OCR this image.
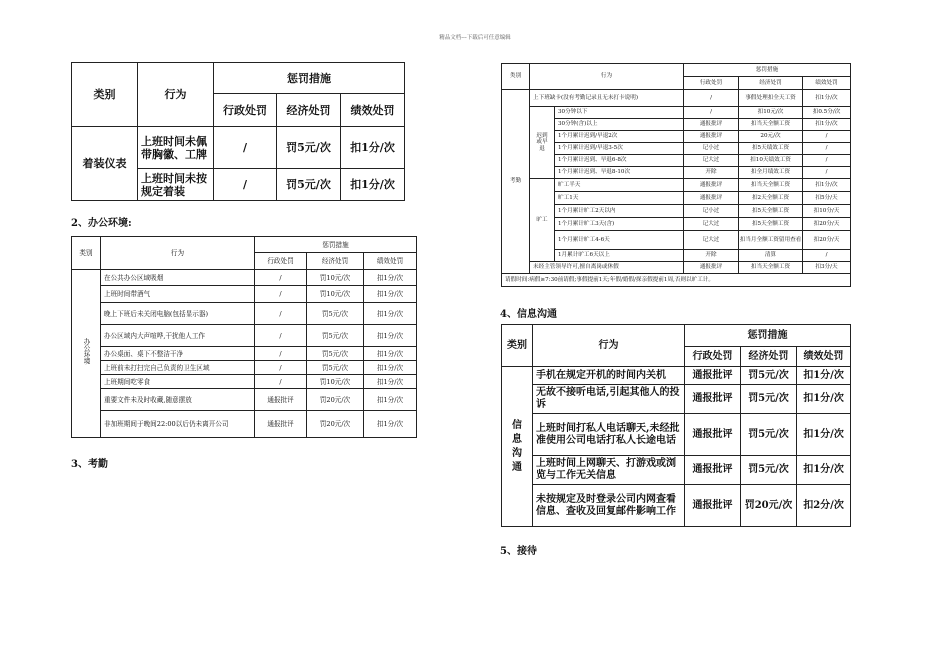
精品文档---下载后可任意编辑
类别	行为	惩罚措施		
		行政处罚	经济处罚	绩效处罚
着装仪表	上班时间未佩带胸徽、工牌	/	罚5元/次	扣1分/次
	上班时间未按规定着装	/	罚5元/次	扣1分/次
2、办公环境:
类别	行为	惩罚措施		
		行政处罚	经济处罚	绩效处罚
办公环境	在公共办公区域吸烟	/	罚10元/次	扣1分/次
	上班时间带酒气	/	罚10元/次	扣1分/次
	晚上下班后未关闭电脑(包括显示器)	/	罚5元/次	扣1分/次
	办公区域内大声喧哗,干扰他人工作	/	罚5元/次	扣1分/次
	办公桌面、桌下不整洁干净	/	罚5元/次	扣1分/次
	上班前未打扫完自己负责的卫生区域	/	罚5元/次	扣1分/次
	上班期间吃零食	/	罚10元/次	扣1分/次
	重要文件未及时收藏,随意摆放	通报批评	罚20元/次	扣1分/次
	非加班期间于晚间22:00以后仍未离开公司	通报批评	罚20元/次	扣1分/次
3、考勤
类别	行为		惩罚措施		
			行政处罚	经济处罚	绩效处罚
考勤	上下班缺卡(没有考勤记录且无未打卡说明)		/	事假处理扣全天工资	扣1分/次

	迟到或早退	30分钟以下	/	扣10元/次	扣0.5分/次
		30分钟(含)以上	通报批评	扣当天全额工资	扣1分/次
		1个月累计迟到/早退2次	通报批评	20元/次	/
		1个月累计迟到/早退3-5次	记小过	扣5天绩效工资	/
		1个月累计迟到、早退6-8次	记大过	扣10天绩效工资	/
		1个月累计迟到、早退8-10次	开除	扣全月绩效工资	/
	旷工	旷工半天	通报批评	扣当天全额工资	扣1分/次
		旷工1天	通报批评	扣2天全额工资	扣5分/天
		1个月累计旷工2天以内	记小过	扣5天全额工资	扣10分/天
		1个月累计旷工3天(含)	记大过	扣5天全额工资	扣20分/天
		1个月累计旷工4-6天	记大过	扣当月全额工资留用查看	扣20分/天
		1月累计旷工6天以上	开除	清算	/
	未经主管领导许可,擅自离岗或休假		通报批评	扣当天全额工资	扣3分/天
请假时间:病假≥7:30前请假;事假提前1天;年假/婚假/探亲假提前1周,否则以旷工计。					
4、信息沟通
类别	行为	惩罚措施		
		行政处罚	经济处罚	绩效处罚

信息沟通	手机在规定开机的时间内关机	通报批评	罚5元/次	扣1分/次
	无故不接听电话,引起其他人的投诉	通报批评	罚5元/次	扣1分/次
	上班时间打私人电话聊天,未经批准使用公司电话打私人长途电话	通报批评	罚5元/次	扣1分/次
	上班时间上网聊天、打游戏或浏览与工作无关信息	通报批评	罚5元/次	扣1分/次
	未按规定及时登录公司内网查看信息、查收及回复邮件影响工作	通报批评	罚20元/次	扣2分/次
5、接待
